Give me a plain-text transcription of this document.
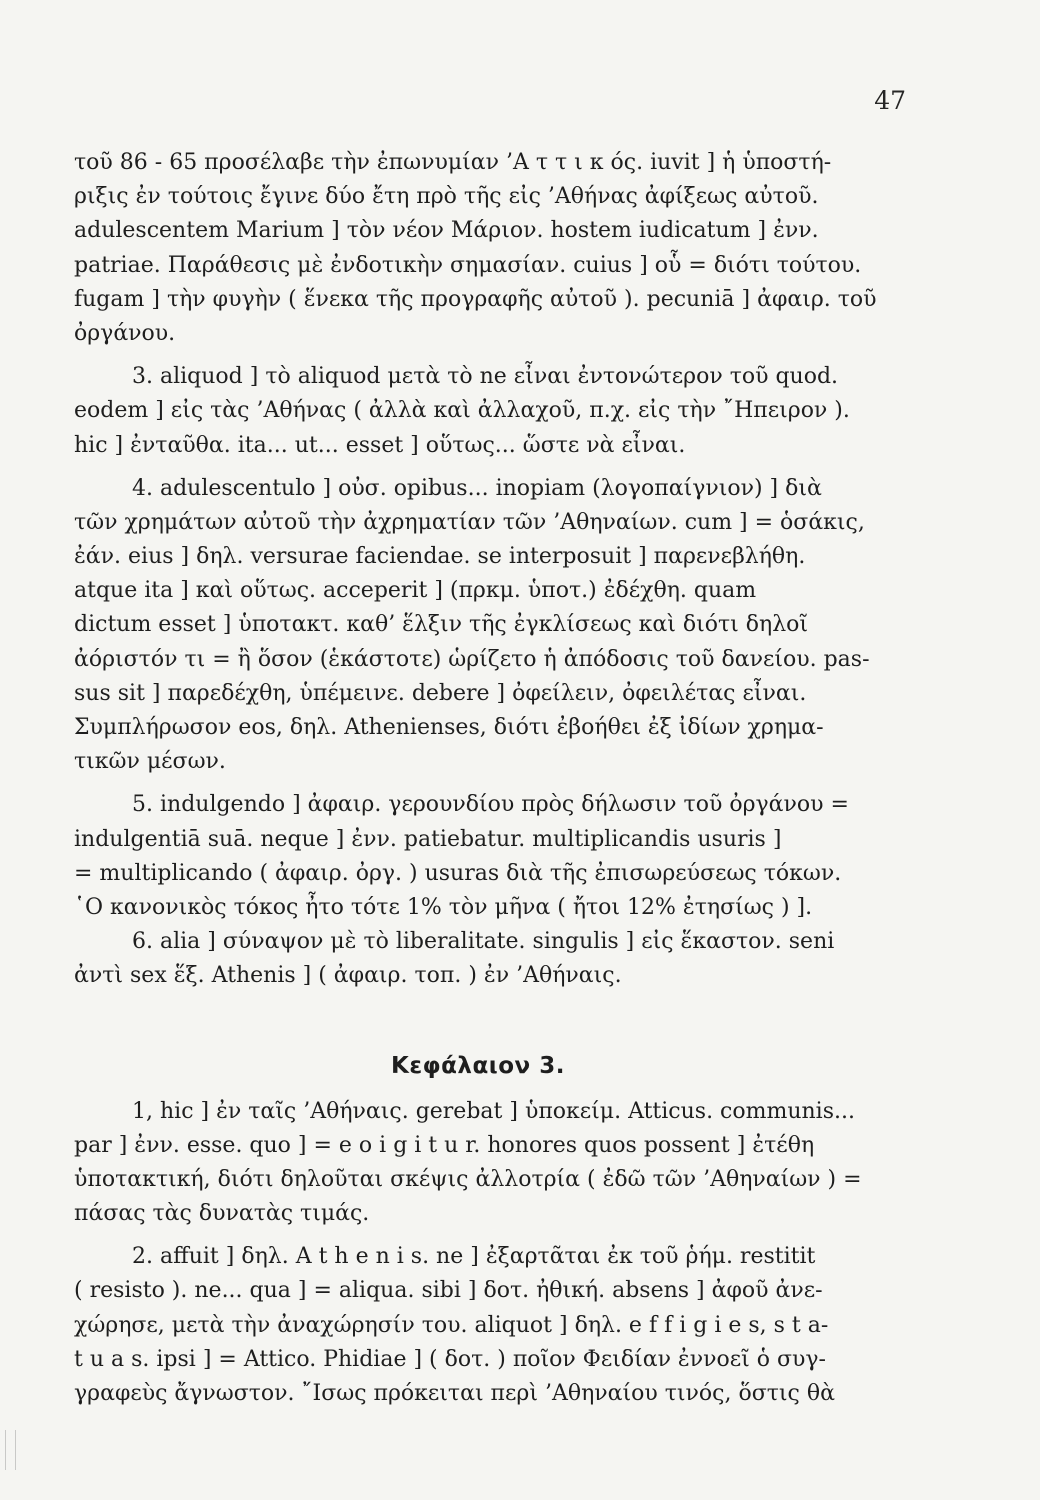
47
τοῦ 86 - 65 προσέλαβε τὴν ἐπωνυμίαν ’Α τ τ ι κ ός. iuvit ] ἡ ὑποστή-
ριξις ἐν τούτοις ἔγινε δύο ἔτη πρὸ τῆς εἰς ’Αθήνας ἀφίξεως αὐτοῦ.
adulescentem Marium ] τὸν νέον Μάριον. hostem iudicatum ] ἐνν.
patriae. Παράθεσις μὲ ἐνδοτικὴν σημασίαν. cuius ] οὗ = διότι τούτου.
fugam ] τὴν φυγὴν ( ἕνεκα τῆς προγραφῆς αὐτοῦ ). pecuniā ] ἀφαιρ. τοῦ
ὀργάνου.
3. aliquod ] τὸ aliquod μετὰ τὸ ne εἶναι ἐντονώτερον τοῦ quod.
eodem ] εἰς τὰς ’Αθήνας ( ἀλλὰ καὶ ἀλλαχοῦ, π.χ. εἰς τὴν ῎Ηπειρον ).
hic ] ἐνταῦθα. ita... ut... esset ] οὕτως... ὥστε νὰ εἶναι.
4. adulescentulo ] οὐσ. opibus... inopiam (λογοπαίγνιον) ] διὰ
τῶν χρημάτων αὐτοῦ τὴν ἀχρηματίαν τῶν ’Αθηναίων. cum ] = ὁσάκις,
ἐάν. eius ] δηλ. versurae faciendae. se interposuit ] παρενεβλήθη.
atque ita ] καὶ οὕτως. acceperit ] (πρκμ. ὑποτ.) ἐδέχθη. quam
dictum esset ] ὑποτακτ. καθ’ ἕλξιν τῆς ἐγκλίσεως καὶ διότι δηλοῖ
ἀόριστόν τι = ἢ ὅσον (ἑκάστοτε) ὡρίζετο ἡ ἀπόδοσις τοῦ δανείου. pas-
sus sit ] παρεδέχθη, ὑπέμεινε. debere ] ὀφείλειν, ὀφειλέτας εἶναι.
Συμπλήρωσον eos, δηλ. Athenienses, διότι ἐβοήθει ἐξ ἰδίων χρημα-
τικῶν μέσων.
5. indulgendo ] ἀφαιρ. γερουνδίου πρὸς δήλωσιν τοῦ ὀργάνου =
indulgentiā suā. neque ] ἐνν. patiebatur. multiplicandis usuris ]
= multiplicando ( ἀφαιρ. ὀργ. ) usuras διὰ τῆς ἐπισωρεύσεως τόκων.
῾Ο κανονικὸς τόκος ἦτο τότε 1% τὸν μῆνα ( ἤτοι 12% ἐτησίως ) ].
6. alia ] σύναψον μὲ τὸ liberalitate. singulis ] εἰς ἕκαστον. seni
ἀντὶ sex ἕξ. Athenis ] ( ἀφαιρ. τοπ. ) ἐν ’Αθήναις.
Κεφάλαιον 3.
1, hic ] ἐν ταῖς ’Αθήναις. gerebat ] ὑποκείμ. Atticus. communis...
par ] ἐνν. esse. quo ] = e o i g i t u r. honores quos possent ] ἐτέθη
ὑποτακτική, διότι δηλοῦται σκέψις ἀλλοτρία ( ἐδῶ τῶν ’Αθηναίων ) =
πάσας τὰς δυνατὰς τιμάς.
2. affuit ] δηλ. A t h e n i s. ne ] ἐξαρτᾶται ἐκ τοῦ ῥήμ. restitit
( resisto ). ne... qua ] = aliqua. sibi ] δοτ. ἠθική. absens ] ἀφοῦ ἀνε-
χώρησε, μετὰ τὴν ἀναχώρησίν του. aliquot ] δηλ. e f f i g i e s, s t a-
t u a s. ipsi ] = Attico. Phidiae ] ( δοτ. ) ποῖον Φειδίαν ἐννοεῖ ὁ συγ-
γραφεὺς ἄγνωστον. ῎Ισως πρόκειται περὶ ’Αθηναίου τινός, ὅστις θὰ
